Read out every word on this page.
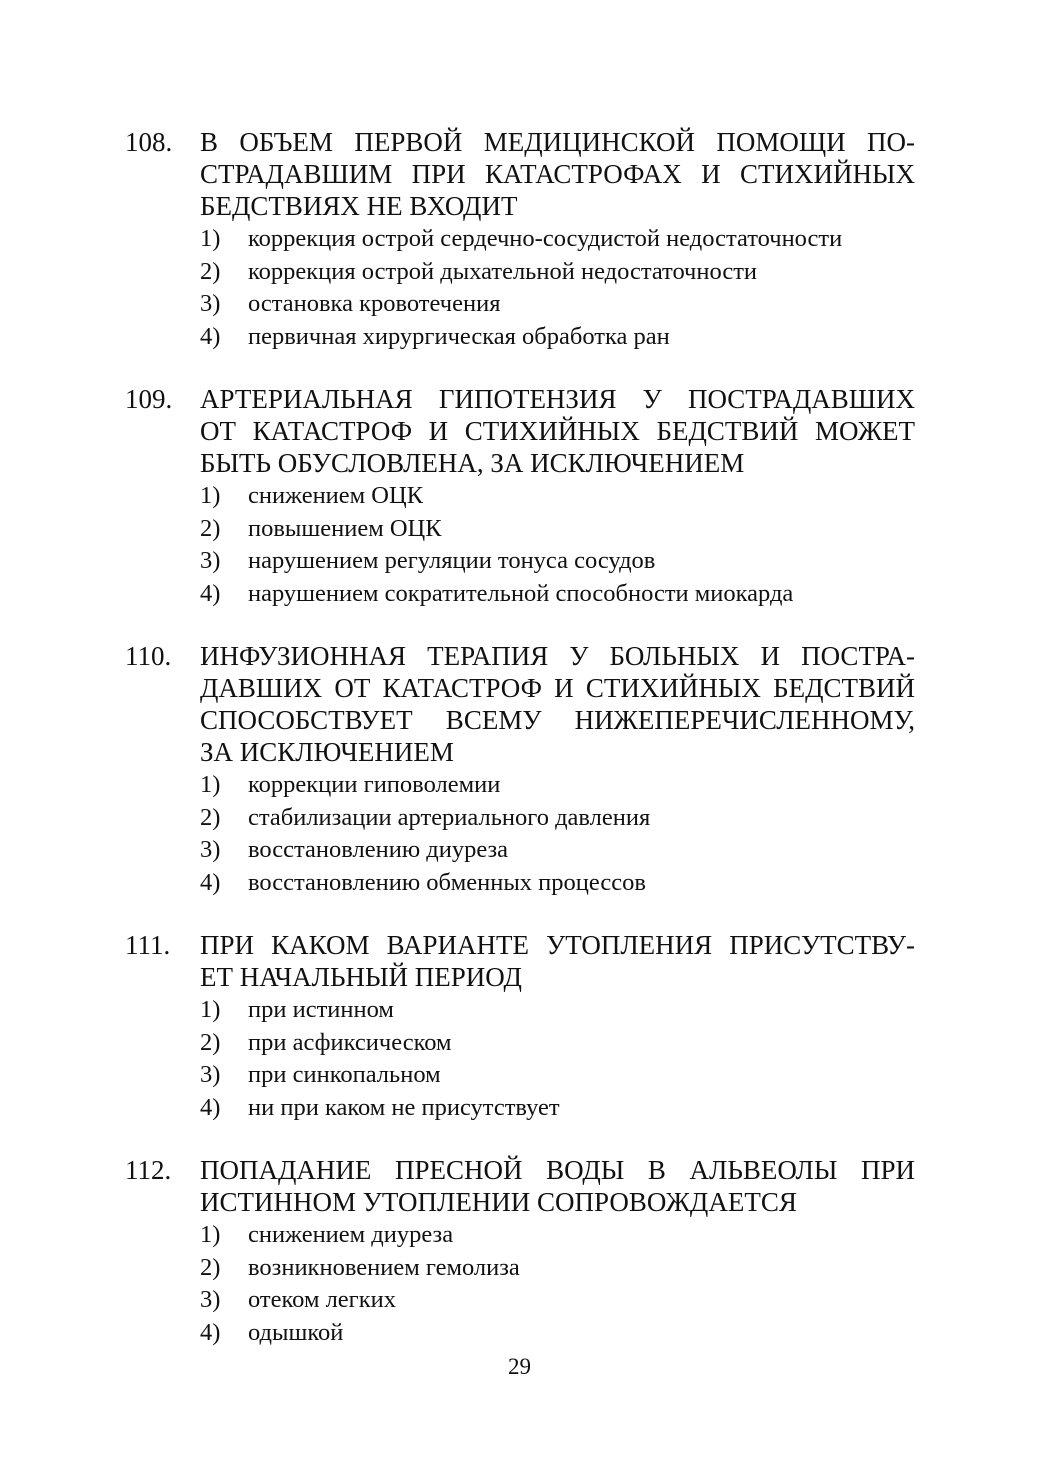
108. В ОБЪЕМ ПЕРВОЙ МЕДИЦИНСКОЙ ПОМОЩИ ПО-
СТРАДАВШИМ ПРИ КАТАСТРОФАХ И СТИХИЙНЫХ
БЕДСТВИЯХ НЕ ВХОДИТ
1) коррекция острой сердечно-сосудистой недостаточности
2) коррекция острой дыхательной недостаточности
3) остановка кровотечения
4) первичная хирургическая обработка ран
109. АРТЕРИАЛЬНАЯ ГИПОТЕНЗИЯ У ПОСТРАДАВШИХ
ОТ КАТАСТРОФ И СТИХИЙНЫХ БЕДСТВИЙ МОЖЕТ
БЫТЬ ОБУСЛОВЛЕНА, ЗА ИСКЛЮЧЕНИЕМ
1) снижением ОЦК
2) повышением ОЦК
3) нарушением регуляции тонуса сосудов
4) нарушением сократительной способности миокарда
110. ИНФУЗИОННАЯ ТЕРАПИЯ У БОЛЬНЫХ И ПОСТРА-
ДАВШИХ ОТ КАТАСТРОФ И СТИХИЙНЫХ БЕДСТВИЙ
СПОСОБСТВУЕТ ВСЕМУ НИЖЕПЕРЕЧИСЛЕННОМУ,
ЗА ИСКЛЮЧЕНИЕМ
1) коррекции гиповолемии
2) стабилизации артериального давления
3) восстановлению диуреза
4) восстановлению обменных процессов
111. ПРИ КАКОМ ВАРИАНТЕ УТОПЛЕНИЯ ПРИСУТСТВУ-
ЕТ НАЧАЛЬНЫЙ ПЕРИОД
1) при истинном
2) при асфиксическом
3) при синкопальном
4) ни при каком не присутствует
112. ПОПАДАНИЕ ПРЕСНОЙ ВОДЫ В АЛЬВЕОЛЫ ПРИ
ИСТИННОМ УТОПЛЕНИИ СОПРОВОЖДАЕТСЯ
1) снижением диуреза
2) возникновением гемолиза
3) отеком легких
4) одышкой
29
